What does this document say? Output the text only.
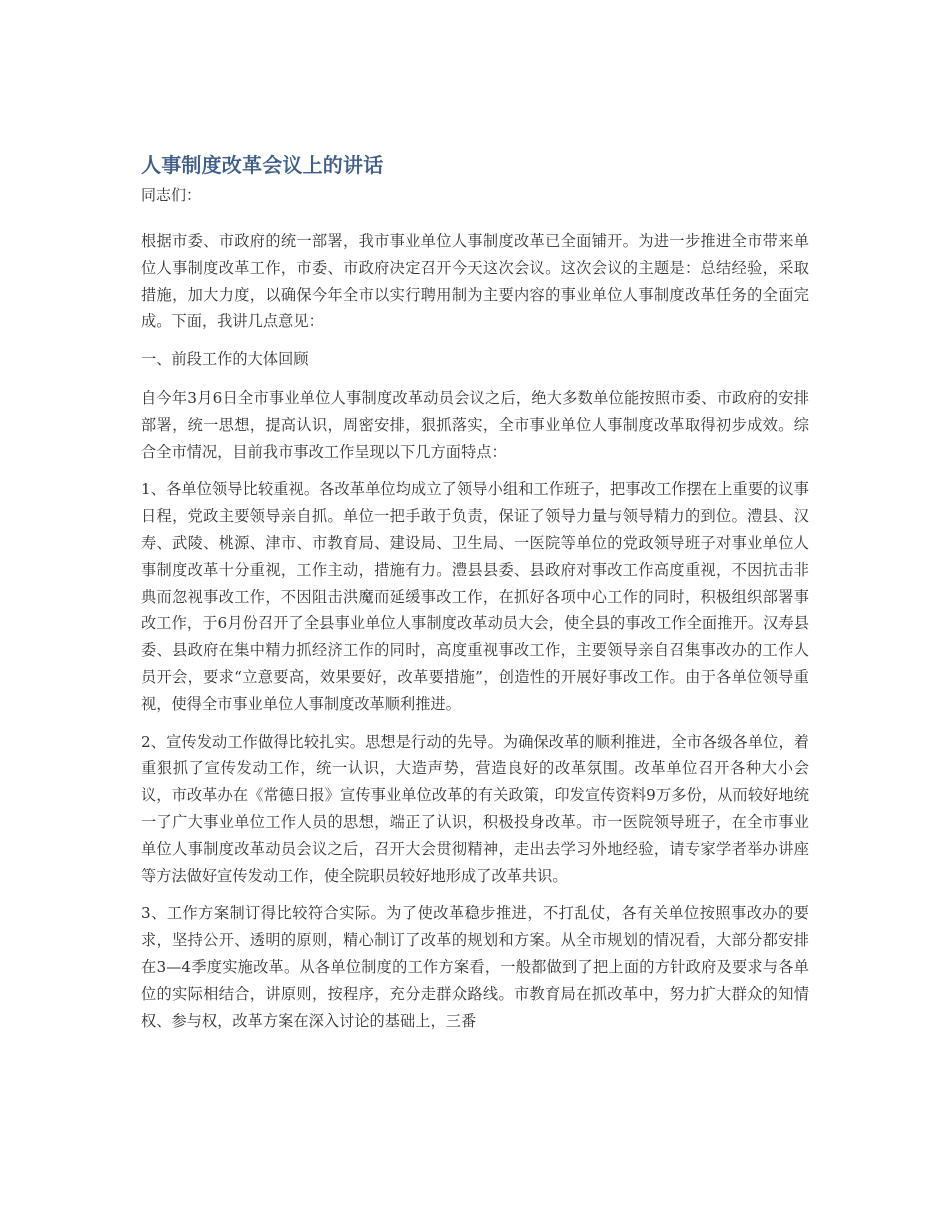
人事制度改革会议上的讲话

同志们：

根据市委、市政府的统一部署，我市事业单位人事制度改革已全面铺开。为进一步推进全市带来单位人事制度改革工作，市委、市政府决定召开今天这次会议。这次会议的主题是：总结经验，采取措施，加大力度，以确保今年全市以实行聘用制为主要内容的事业单位人事制度改革任务的全面完成。下面，我讲几点意见：

一、前段工作的大体回顾

自今年3月6日全市事业单位人事制度改革动员会议之后，绝大多数单位能按照市委、市政府的安排部署，统一思想，提高认识，周密安排，狠抓落实，全市事业单位人事制度改革取得初步成效。综合全市情况，目前我市事改工作呈现以下几方面特点：

1、各单位领导比较重视。各改革单位均成立了领导小组和工作班子，把事改工作摆在上重要的议事日程，党政主要领导亲自抓。单位一把手敢于负责，保证了领导力量与领导精力的到位。澧县、汉寿、武陵、桃源、津市、市教育局、建设局、卫生局、一医院等单位的党政领导班子对事业单位人事制度改革十分重视，工作主动，措施有力。澧县县委、县政府对事改工作高度重视，不因抗击非典而忽视事改工作，不因阻击洪魔而延缓事改工作，在抓好各项中心工作的同时，积极组织部署事改工作，于6月份召开了全县事业单位人事制度改革动员大会，使全县的事改工作全面推开。汉寿县委、县政府在集中精力抓经济工作的同时，高度重视事改工作，主要领导亲自召集事改办的工作人员开会，要求“立意要高，效果要好，改革要措施”，创造性的开展好事改工作。由于各单位领导重视，使得全市事业单位人事制度改革顺利推进。

2、宣传发动工作做得比较扎实。思想是行动的先导。为确保改革的顺利推进，全市各级各单位，着重狠抓了宣传发动工作，统一认识，大造声势，营造良好的改革氛围。改革单位召开各种大小会议，市改革办在《常德日报》宣传事业单位改革的有关政策，印发宣传资料9万多份，从而较好地统一了广大事业单位工作人员的思想，端正了认识，积极投身改革。市一医院领导班子，在全市事业单位人事制度改革动员会议之后，召开大会贯彻精神，走出去学习外地经验，请专家学者举办讲座等方法做好宣传发动工作，使全院职员较好地形成了改革共识。

3、工作方案制订得比较符合实际。为了使改革稳步推进，不打乱仗，各有关单位按照事改办的要求，坚持公开、透明的原则，精心制订了改革的规划和方案。从全市规划的情况看，大部分都安排在3—4季度实施改革。从各单位制度的工作方案看，一般都做到了把上面的方针政府及要求与各单位的实际相结合，讲原则，按程序，充分走群众路线。市教育局在抓改革中，努力扩大群众的知情权、参与权，改革方案在深入讨论的基础上，三番
